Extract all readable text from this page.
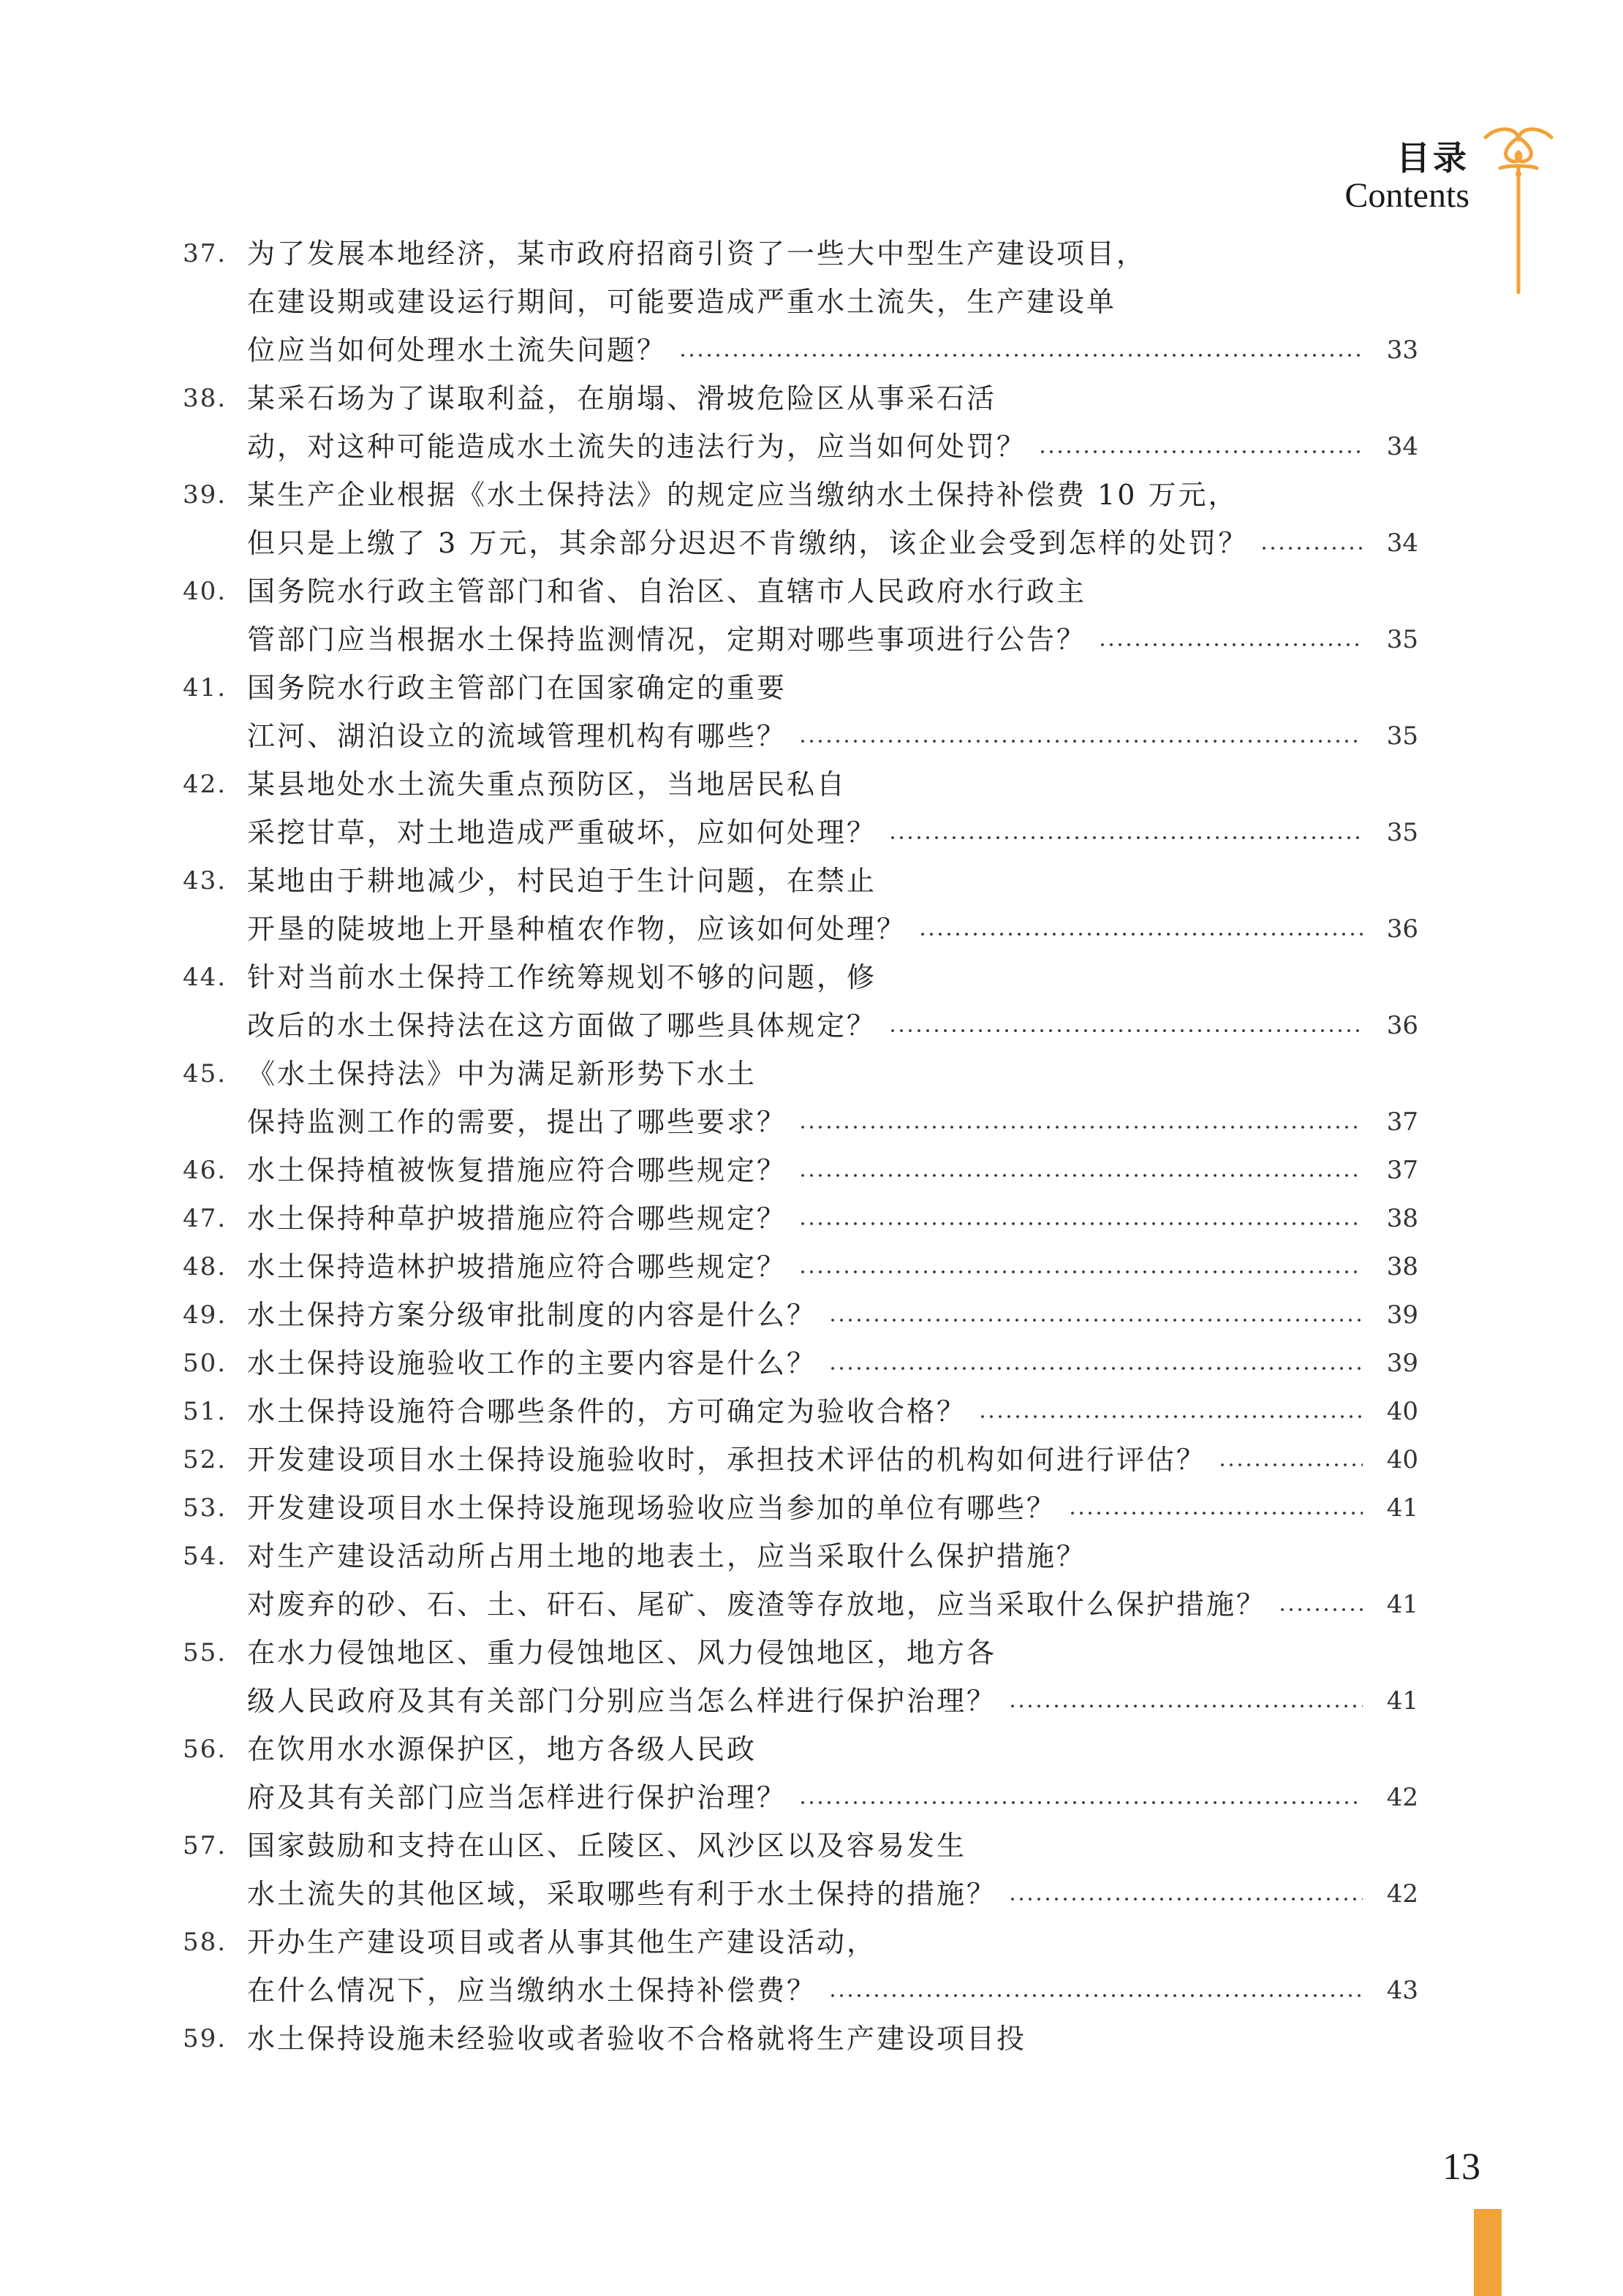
目录
Contents
37. 为了发展本地经济，某市政府招商引资了一些大中型生产建设项目，
在建设期或建设运行期间，可能要造成严重水土流失，生产建设单
位应当如何处理水土流失问题？	33
38. 某采石场为了谋取利益，在崩塌、滑坡危险区从事采石活
动，对这种可能造成水土流失的违法行为，应当如何处罚？	34
39. 某生产企业根据《水土保持法》的规定应当缴纳水土保持补偿费 10 万元，
但只是上缴了 3 万元，其余部分迟迟不肯缴纳，该企业会受到怎样的处罚？	34
40. 国务院水行政主管部门和省、自治区、直辖市人民政府水行政主
管部门应当根据水土保持监测情况，定期对哪些事项进行公告？	35
41. 国务院水行政主管部门在国家确定的重要
江河、湖泊设立的流域管理机构有哪些？	35
42. 某县地处水土流失重点预防区，当地居民私自
采挖甘草，对土地造成严重破坏，应如何处理？	35
43. 某地由于耕地减少，村民迫于生计问题，在禁止
开垦的陡坡地上开垦种植农作物，应该如何处理？	36
44. 针对当前水土保持工作统筹规划不够的问题，修
改后的水土保持法在这方面做了哪些具体规定？	36
45. 《水土保持法》中为满足新形势下水土
保持监测工作的需要，提出了哪些要求？	37
46. 水土保持植被恢复措施应符合哪些规定？	37
47. 水土保持种草护坡措施应符合哪些规定？	38
48. 水土保持造林护坡措施应符合哪些规定？	38
49. 水土保持方案分级审批制度的内容是什么？	39
50. 水土保持设施验收工作的主要内容是什么？	39
51. 水土保持设施符合哪些条件的，方可确定为验收合格？	40
52. 开发建设项目水土保持设施验收时，承担技术评估的机构如何进行评估？	40
53. 开发建设项目水土保持设施现场验收应当参加的单位有哪些？	41
54. 对生产建设活动所占用土地的地表土，应当采取什么保护措施？
对废弃的砂、石、土、矸石、尾矿、废渣等存放地，应当采取什么保护措施？	41
55. 在水力侵蚀地区、重力侵蚀地区、风力侵蚀地区，地方各
级人民政府及其有关部门分别应当怎么样进行保护治理？	41
56. 在饮用水水源保护区，地方各级人民政
府及其有关部门应当怎样进行保护治理？	42
57. 国家鼓励和支持在山区、丘陵区、风沙区以及容易发生
水土流失的其他区域，采取哪些有利于水土保持的措施？	42
58. 开办生产建设项目或者从事其他生产建设活动，
在什么情况下，应当缴纳水土保持补偿费？	43
59. 水土保持设施未经验收或者验收不合格就将生产建设项目投
13
